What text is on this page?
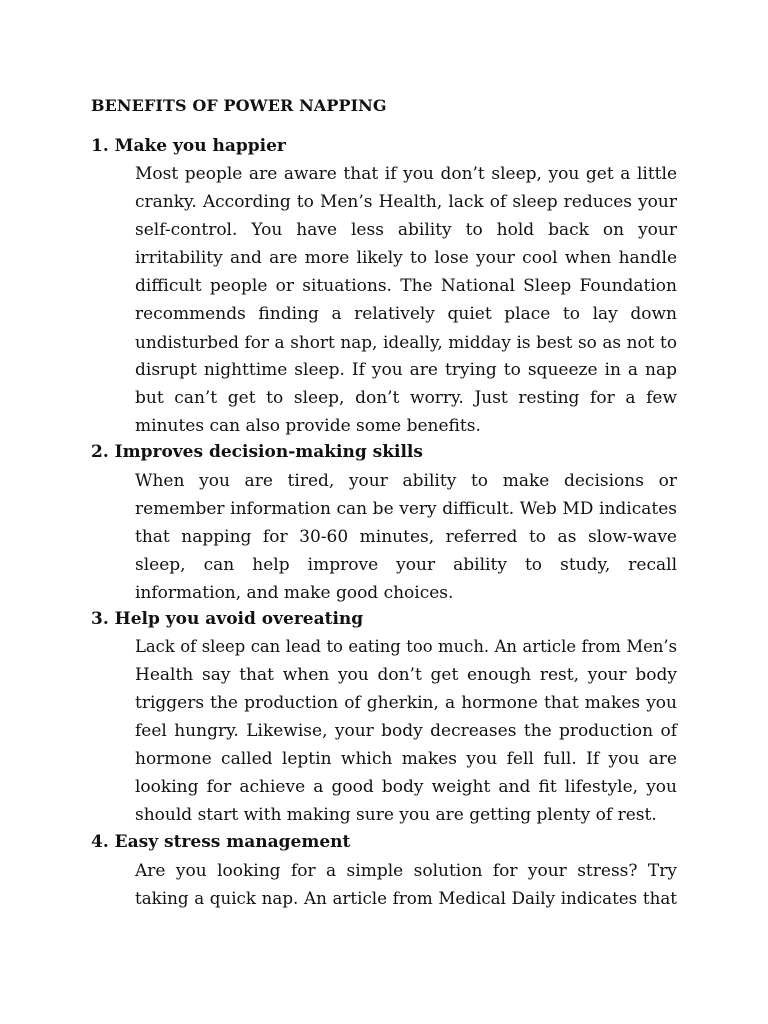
BENEFITS OF POWER NAPPING
1. Make you happier
Most people are aware that if you don’t sleep, you get a little
cranky. According to Men’s Health, lack of sleep reduces your
self-control. You have less ability to hold back on your
irritability and are more likely to lose your cool when handle
difficult people or situations. The National Sleep Foundation
recommends finding a relatively quiet place to lay down
undisturbed for a short nap, ideally, midday is best so as not to
disrupt nighttime sleep. If you are trying to squeeze in a nap
but can’t get to sleep, don’t worry. Just resting for a few
minutes can also provide some benefits.
2. Improves decision-making skills
When you are tired, your ability to make decisions or
remember information can be very difficult. Web MD indicates
that napping for 30-60 minutes, referred to as slow-wave
sleep, can help improve your ability to study, recall
information, and make good choices.
3. Help you avoid overeating
Lack of sleep can lead to eating too much. An article from Men’s
Health say that when you don’t get enough rest, your body
triggers the production of gherkin, a hormone that makes you
feel hungry. Likewise, your body decreases the production of
hormone called leptin which makes you fell full. If you are
looking for achieve a good body weight and fit lifestyle, you
should start with making sure you are getting plenty of rest.
4. Easy stress management
Are you looking for a simple solution for your stress? Try
taking a quick nap. An article from Medical Daily indicates that
